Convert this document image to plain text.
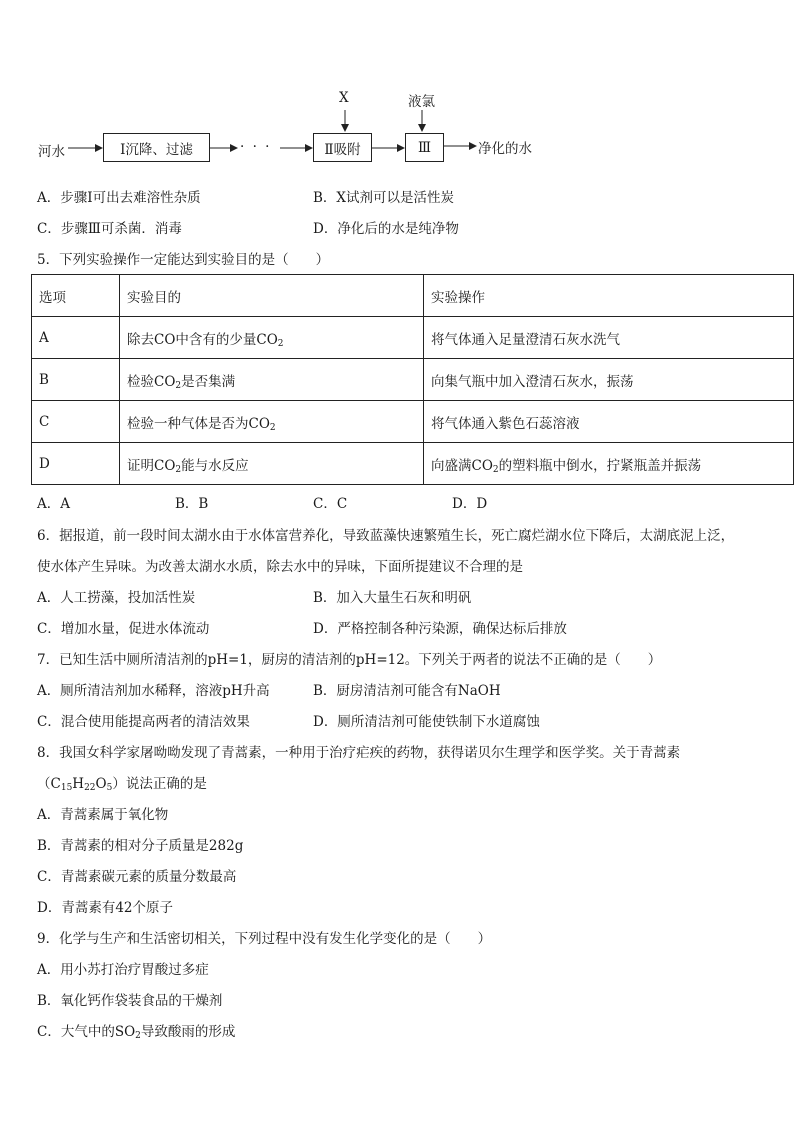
河水	Ⅰ沉降、过滤	· · ·	Ⅱ吸附	Ⅲ
X	液氯
净化的水
A．步骤Ⅰ可出去难溶性杂质	B．X试剂可以是活性炭
C．步骤Ⅲ可杀菌．消毒	D．净化后的水是纯净物
5．下列实验操作一定能达到实验目的是（　　）
选项	实验目的	实验操作
A	除去CO中含有的少量$CO_2$	将气体通入足量澄清石灰水洗气
B	检验$CO_2$是否集满	向集气瓶中加入澄清石灰水，振荡
C	检验一种气体是否为$CO_2$	将气体通入紫色石蕊溶液
D	证明$CO_2$能与水反应	向盛满$CO_2$的塑料瓶中倒水，拧紧瓶盖并振荡
A．A	B．B	C．C	D．D
6．据报道，前一段时间太湖水由于水体富营养化，导致蓝藻快速繁殖生长，死亡腐烂湖水位下降后，太湖底泥上泛，
使水体产生异味。为改善太湖水水质，除去水中的异味，下面所提建议不合理的是
A．人工捞藻，投加活性炭	B．加入大量生石灰和明矾
C．增加水量，促进水体流动	D．严格控制各种污染源，确保达标后排放
7．已知生活中厕所清洁剂的pH=1，厨房的清洁剂的pH=12。下列关于两者的说法不正确的是（　　）
A．厕所清洁剂加水稀释，溶液pH升高	B．厨房清洁剂可能含有NaOH
C．混合使用能提高两者的清洁效果	D．厕所清洁剂可能使铁制下水道腐蚀
8．我国女科学家屠呦呦发现了青蒿素，一种用于治疗疟疾的药物，获得诺贝尔生理学和医学奖。关于青蒿素
$(C_{15}H_{22}O_5)$说法正确的是
A．青蒿素属于氧化物
B．青蒿素的相对分子质量是282g
C．青蒿素碳元素的质量分数最高
D．青蒿素有42个原子
9．化学与生产和生活密切相关，下列过程中没有发生化学变化的是（　　）
A．用小苏打治疗胃酸过多症
B．氧化钙作袋装食品的干燥剂
C．大气中的$SO_2$导致酸雨的形成
